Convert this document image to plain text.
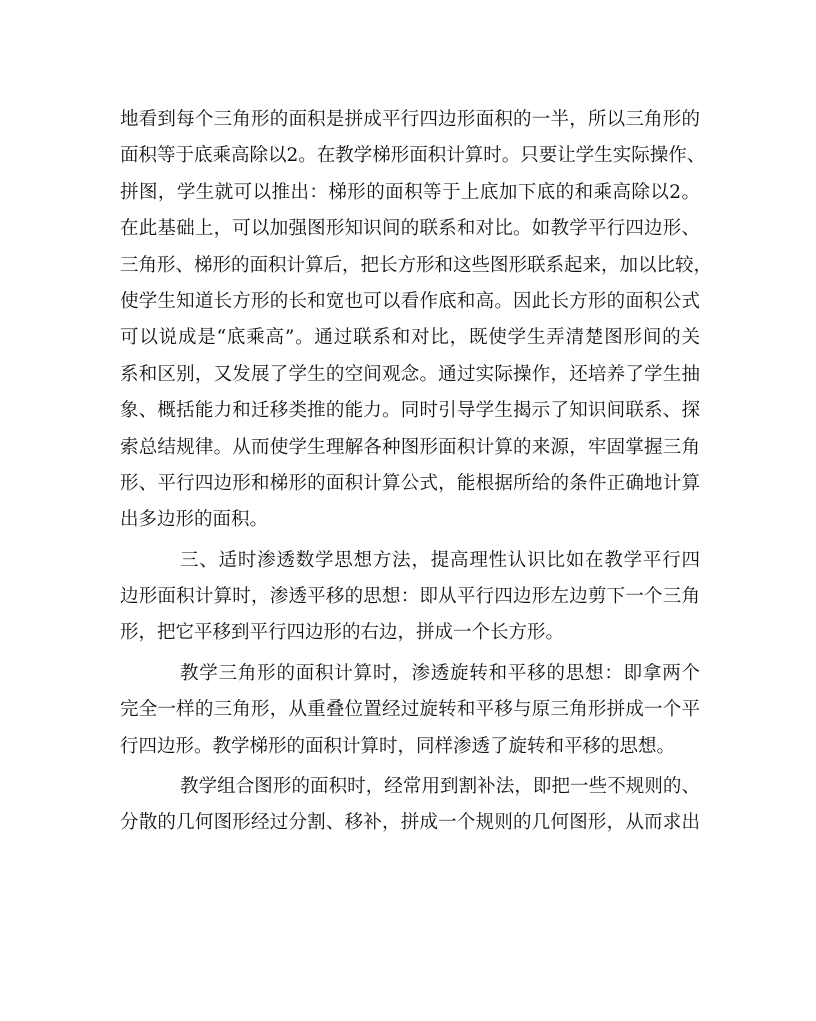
地看到每个三角形的面积是拼成平行四边形面积的一半，所以三角形的
面积等于底乘高除以2。在教学梯形面积计算时。只要让学生实际操作、
拼图，学生就可以推出：梯形的面积等于上底加下底的和乘高除以2。
在此基础上，可以加强图形知识间的联系和对比。如教学平行四边形、
三角形、梯形的面积计算后，把长方形和这些图形联系起来，加以比较，
使学生知道长方形的长和宽也可以看作底和高。因此长方形的面积公式
可以说成是“底乘高”。通过联系和对比，既使学生弄清楚图形间的关
系和区别，又发展了学生的空间观念。通过实际操作，还培养了学生抽
象、概括能力和迁移类推的能力。同时引导学生揭示了知识间联系、探
索总结规律。从而使学生理解各种图形面积计算的来源，牢固掌握三角
形、平行四边形和梯形的面积计算公式，能根据所给的条件正确地计算
出多边形的面积。
三、适时渗透数学思想方法，提高理性认识比如在教学平行四
边形面积计算时，渗透平移的思想：即从平行四边形左边剪下一个三角
形，把它平移到平行四边形的右边，拼成一个长方形。
教学三角形的面积计算时，渗透旋转和平移的思想：即拿两个
完全一样的三角形，从重叠位置经过旋转和平移与原三角形拼成一个平
行四边形。教学梯形的面积计算时，同样渗透了旋转和平移的思想。
教学组合图形的面积时，经常用到割补法，即把一些不规则的、
分散的几何图形经过分割、移补，拼成一个规则的几何图形，从而求出
